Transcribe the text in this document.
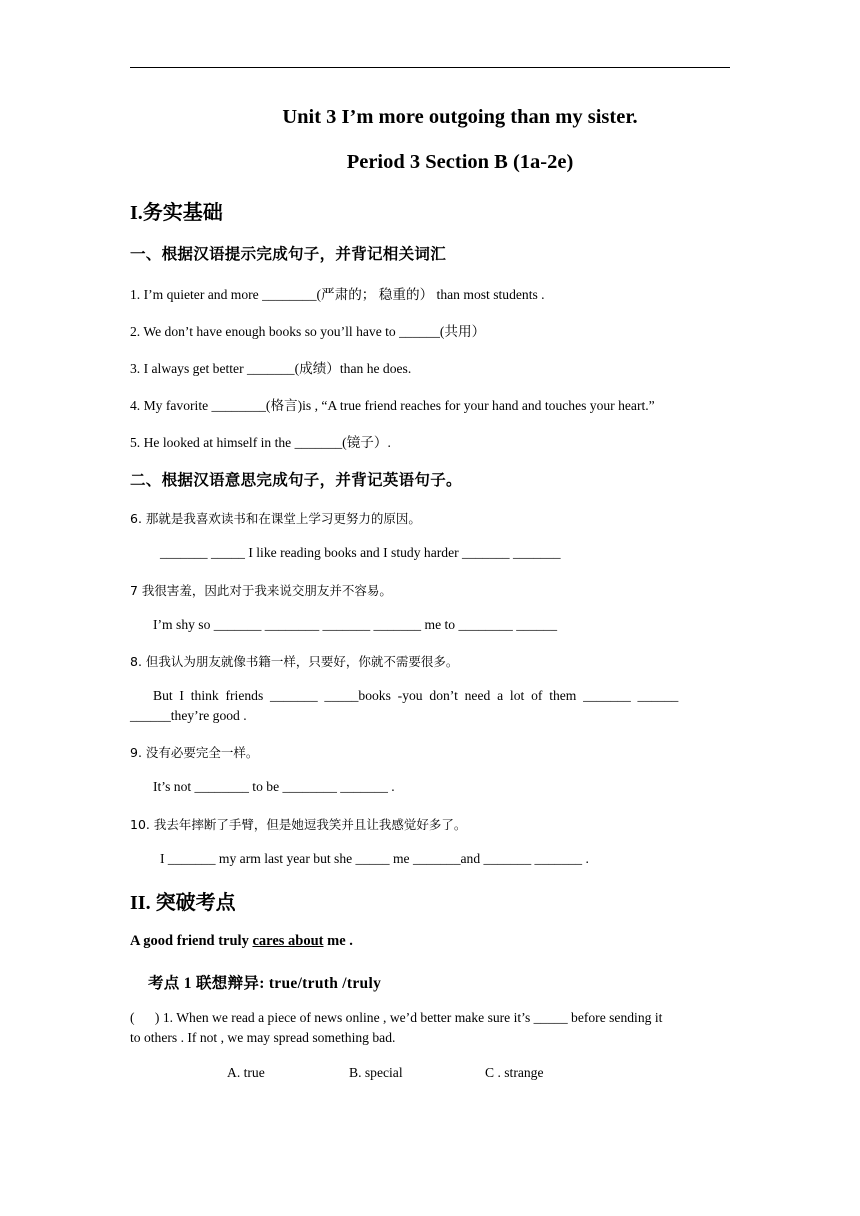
Unit 3 I’m more outgoing than my sister.
Period 3 Section B (1a-2e)
I.务实基础
一、根据汉语提示完成句子，并背记相关词汇
1. I’m quieter and more ________(严肃的； 稳重的） than most students .
2. We don’t have enough books so you’ll have to ______(共用）
3. I always get better _______(成绩）than he does.
4. My favorite ________(格言)is , “A true friend reaches for your hand and touches your heart.”
5. He looked at himself in the _______(镜子）.
二、根据汉语意思完成句子，并背记英语句子。
6. 那就是我喜欢读书和在课堂上学习更努力的原因。
_______ _____ I like reading books and I study harder _______ _______
7 我很害羞，因此对于我来说交朋友并不容易。
I’m shy so _______ ________ _______ _______ me to ________ ______
8. 但我认为朋友就像书籍一样，只要好，你就不需要很多。
But  I  think  friends  _______  _____books  -you  don’t  need  a  lot  of  them  _______  ______
______they’re good .
9. 没有必要完全一样。
It’s not ________ to be ________ _______ .
10. 我去年摔断了手臂，但是她逗我笑并且让我感觉好多了。
I _______ my arm last year but she _____ me _______and _______ _______ .
II. 突破考点
A good friend truly cares about me .
考点 1 联想辩异: true/truth /truly
(      ) 1. When we read a piece of news online , we’d better make sure it’s _____ before sending it
to others . If not , we may spread something bad.
A. true	B. special	C . strange
